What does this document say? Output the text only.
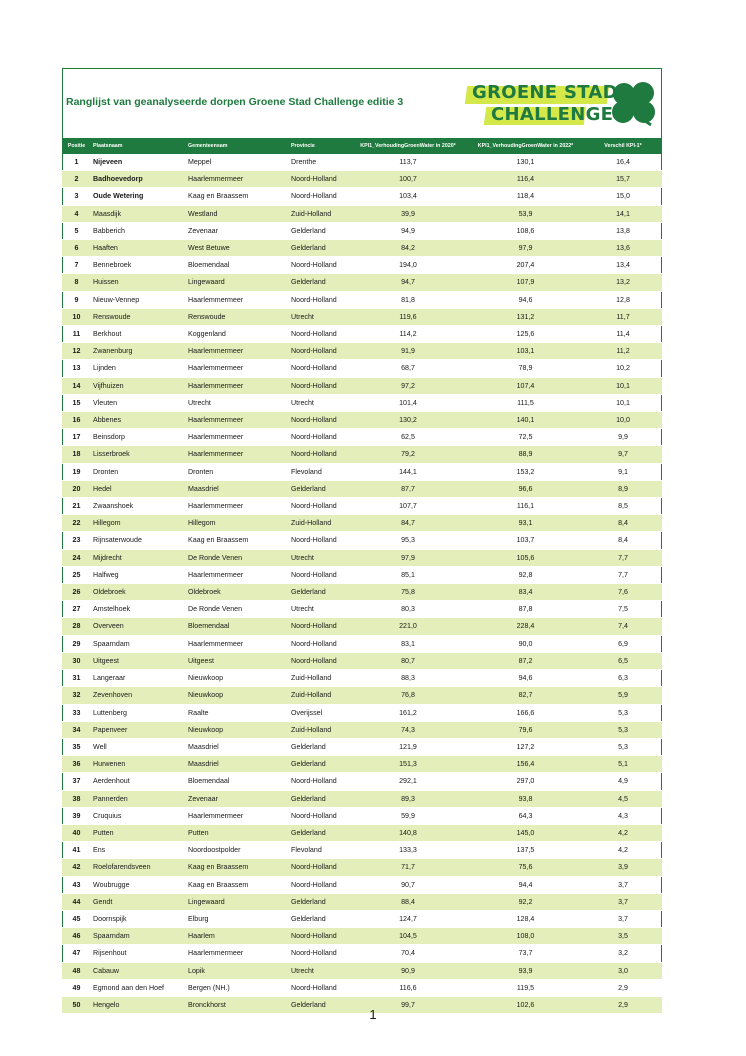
Ranglijst van geanalyseerde dorpen Groene Stad Challenge editie 3	GROENE STAD
CHALLENGE
Positie	Plaatsnaam	Gementeensam	Provincie	KPI1_VerhoudingGroenWater in 2020*	KPI1_VerhoudingGroenWater in 2022*	Verschil KPI-1*
1	Nijeveen	Meppel	Drenthe	113,7	130,1	16,4
2	Badhoevedorp	Haarlemmermeer	Noord-Holland	100,7	116,4	15,7
3	Oude Wetering	Kaag en Braassem	Noord-Holland	103,4	118,4	15,0
4	Maasdijk	Westland	Zuid-Holland	39,9	53,9	14,1
5	Babberich	Zevenaar	Gelderland	94,9	108,6	13,8
6	Haaften	West Betuwe	Gelderland	84,2	97,9	13,6
7	Bennebroek	Bloemendaal	Noord-Holland	194,0	207,4	13,4
8	Huissen	Lingewaard	Gelderland	94,7	107,9	13,2
9	Nieuw-Vennep	Haarlemmermeer	Noord-Holland	81,8	94,6	12,8
10	Renswoude	Renswoude	Utrecht	119,6	131,2	11,7
11	Berkhout	Koggenland	Noord-Holland	114,2	125,6	11,4
12	Zwanenburg	Haarlemmermeer	Noord-Holland	91,9	103,1	11,2
13	Lijnden	Haarlemmermeer	Noord-Holland	68,7	78,9	10,2
14	Vijfhuizen	Haarlemmermeer	Noord-Holland	97,2	107,4	10,1
15	Vleuten	Utrecht	Utrecht	101,4	111,5	10,1
16	Abbenes	Haarlemmermeer	Noord-Holland	130,2	140,1	10,0
17	Beinsdorp	Haarlemmermeer	Noord-Holland	62,5	72,5	9,9
18	Lisserbroek	Haarlemmermeer	Noord-Holland	79,2	88,9	9,7
19	Dronten	Dronten	Flevoland	144,1	153,2	9,1
20	Hedel	Maasdriel	Gelderland	87,7	96,6	8,9
21	Zwaanshoek	Haarlemmermeer	Noord-Holland	107,7	116,1	8,5
22	Hillegom	Hillegom	Zuid-Holland	84,7	93,1	8,4
23	Rijnsaterwoude	Kaag en Braassem	Noord-Holland	95,3	103,7	8,4
24	Mijdrecht	De Ronde Venen	Utrecht	97,9	105,6	7,7
25	Halfweg	Haarlemmermeer	Noord-Holland	85,1	92,8	7,7
26	Oldebroek	Oldebroek	Gelderland	75,8	83,4	7,6
27	Amstelhoek	De Ronde Venen	Utrecht	80,3	87,8	7,5
28	Overveen	Bloemendaal	Noord-Holland	221,0	228,4	7,4
29	Spaarndam	Haarlemmermeer	Noord-Holland	83,1	90,0	6,9
30	Uitgeest	Uitgeest	Noord-Holland	80,7	87,2	6,5
31	Langeraar	Nieuwkoop	Zuid-Holland	88,3	94,6	6,3
32	Zevenhoven	Nieuwkoop	Zuid-Holland	76,8	82,7	5,9
33	Luttenberg	Raalte	Overijssel	161,2	166,6	5,3
34	Papenveer	Nieuwkoop	Zuid-Holland	74,3	79,6	5,3
35	Well	Maasdriel	Gelderland	121,9	127,2	5,3
36	Hurwenen	Maasdriel	Gelderland	151,3	156,4	5,1
37	Aerdenhout	Bloemendaal	Noord-Holland	292,1	297,0	4,9
38	Pannerden	Zevenaar	Gelderland	89,3	93,8	4,5
39	Cruquius	Haarlemmermeer	Noord-Holland	59,9	64,3	4,3
40	Putten	Putten	Gelderland	140,8	145,0	4,2
41	Ens	Noordoostpolder	Flevoland	133,3	137,5	4,2
42	Roelofarendsveen	Kaag en Braassem	Noord-Holland	71,7	75,6	3,9
43	Woubrugge	Kaag en Braassem	Noord-Holland	90,7	94,4	3,7
44	Gendt	Lingewaard	Gelderland	88,4	92,2	3,7
45	Doornspijk	Elburg	Gelderland	124,7	128,4	3,7
46	Spaarndam	Haarlem	Noord-Holland	104,5	108,0	3,5
47	Rijsenhout	Haarlemmermeer	Noord-Holland	70,4	73,7	3,2
48	Cabauw	Lopik	Utrecht	90,9	93,9	3,0
49	Egmond aan den Hoef	Bergen (NH.)	Noord-Holland	116,6	119,5	2,9
50	Hengelo	Bronckhorst	Gelderland	99,7	102,6	2,9
1
